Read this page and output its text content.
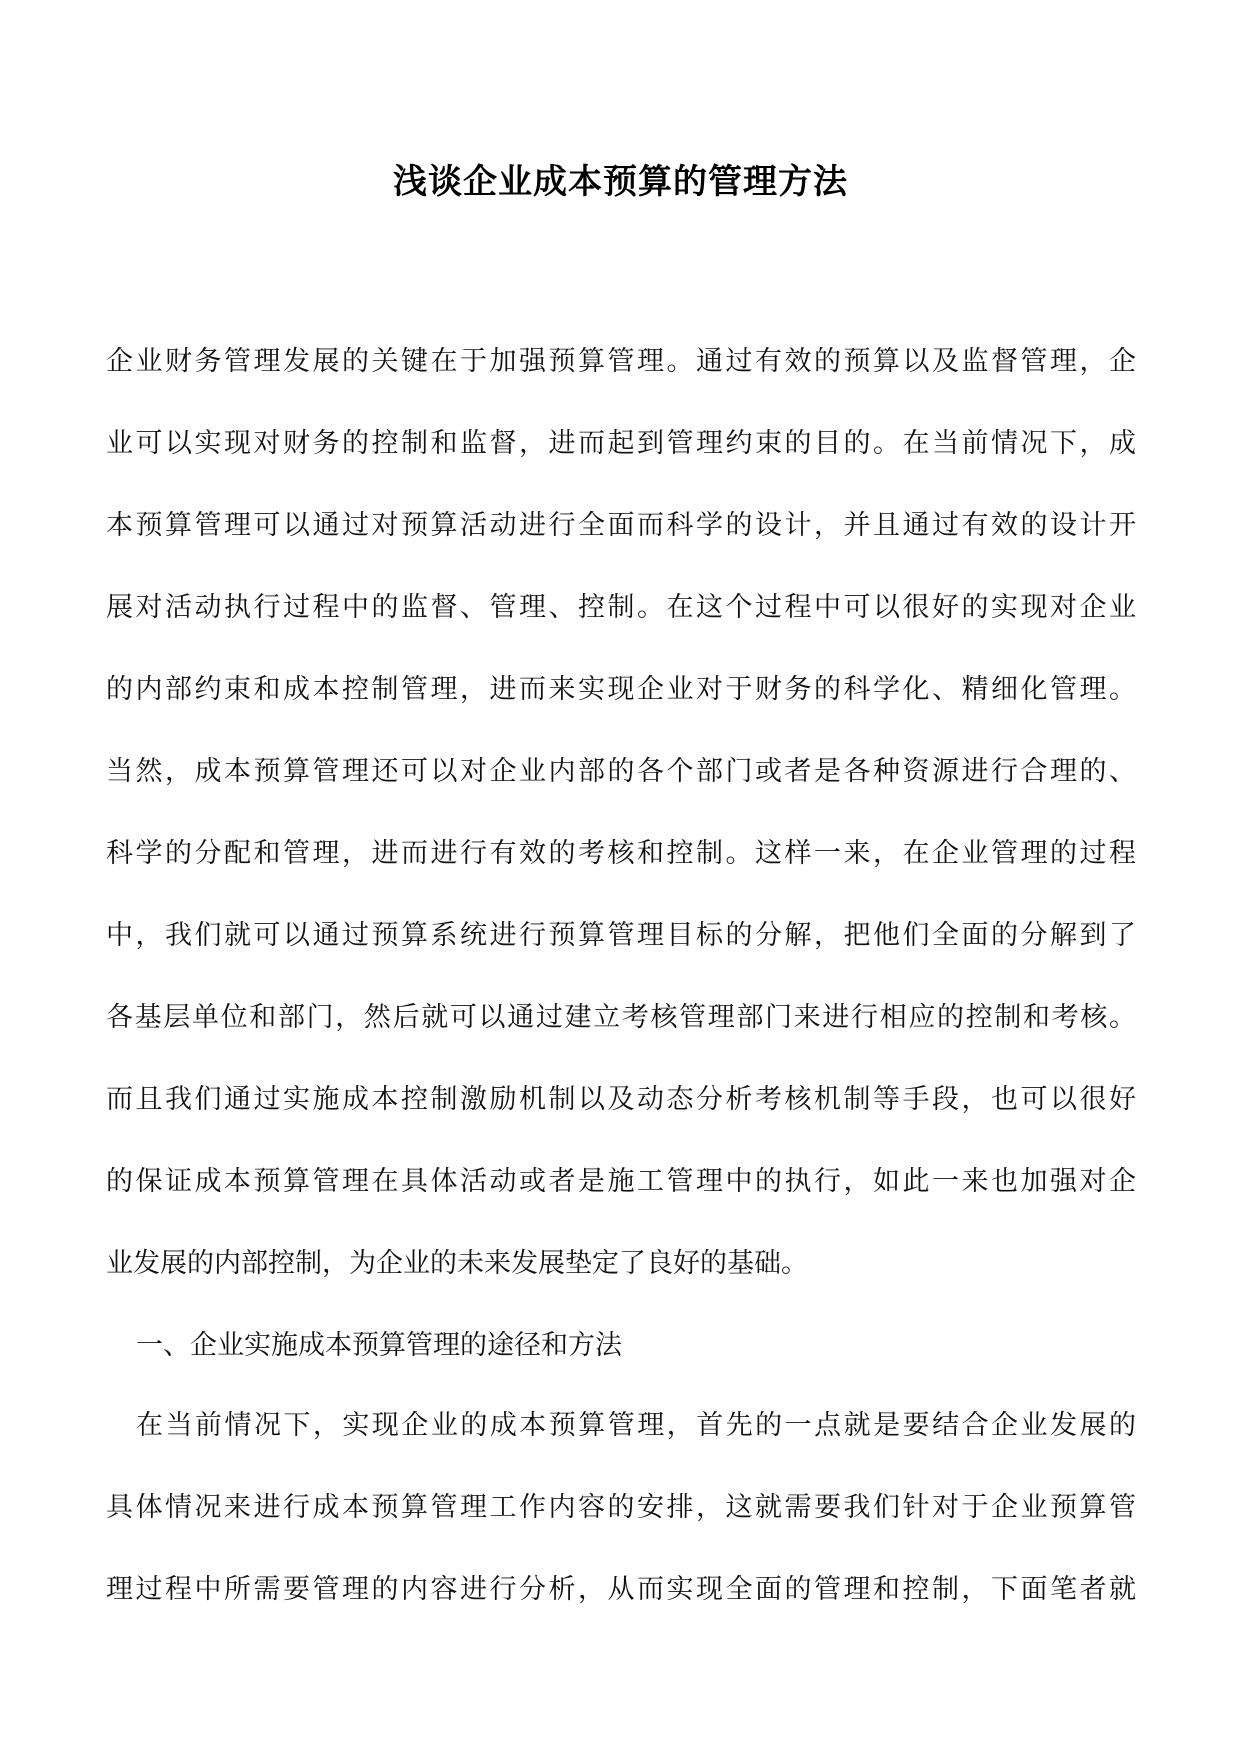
浅谈企业成本预算的管理方法
企业财务管理发展的关键在于加强预算管理。通过有效的预算以及监督管理，企
业可以实现对财务的控制和监督，进而起到管理约束的目的。在当前情况下，成
本预算管理可以通过对预算活动进行全面而科学的设计，并且通过有效的设计开
展对活动执行过程中的监督、管理、控制。在这个过程中可以很好的实现对企业
的内部约束和成本控制管理，进而来实现企业对于财务的科学化、精细化管理。
当然，成本预算管理还可以对企业内部的各个部门或者是各种资源进行合理的、
科学的分配和管理，进而进行有效的考核和控制。这样一来，在企业管理的过程
中，我们就可以通过预算系统进行预算管理目标的分解，把他们全面的分解到了
各基层单位和部门，然后就可以通过建立考核管理部门来进行相应的控制和考核。
而且我们通过实施成本控制激励机制以及动态分析考核机制等手段，也可以很好
的保证成本预算管理在具体活动或者是施工管理中的执行，如此一来也加强对企
业发展的内部控制，为企业的未来发展垫定了良好的基础。
一、企业实施成本预算管理的途径和方法
在当前情况下，实现企业的成本预算管理，首先的一点就是要结合企业发展的
具体情况来进行成本预算管理工作内容的安排，这就需要我们针对于企业预算管
理过程中所需要管理的内容进行分析，从而实现全面的管理和控制，下面笔者就
